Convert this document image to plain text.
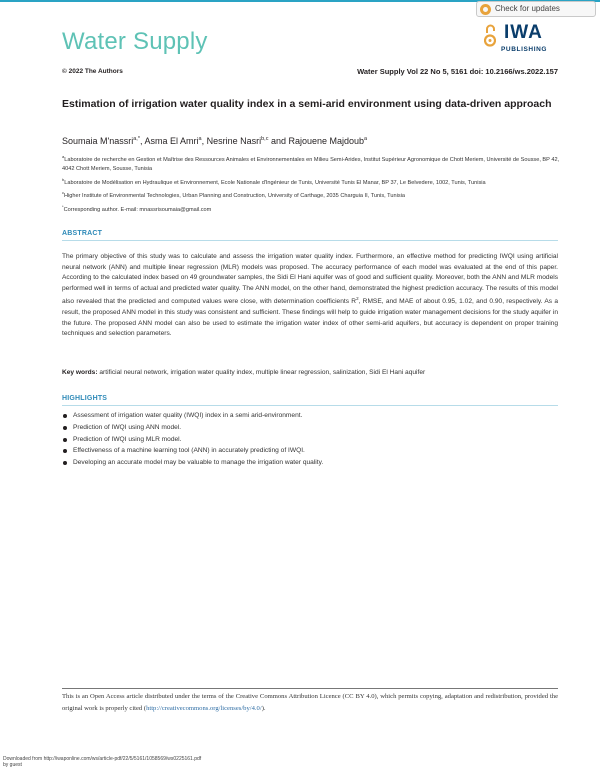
Check for updates
Water Supply	IWA
PUBLISHING
© 2022 The Authors	Water Supply Vol 22 No 5, 5161 doi: 10.2166/ws.2022.157
Estimation of irrigation water quality index in a semi-arid environment using data-driven approach
Soumaia M'nassri$^{a,*}$, Asma El Amri$^a$, Nesrine Nasri$^{b,c}$ and Rajouene Majdoub$^a$

$^a$Laboratoire de recherche en Gestion et Maîtrise des Ressources Animales et Environnementales en Milieu Semi-Arides, Institut Supérieur Agronomique de Chott Meriem, Université de Sousse, BP 42, 4042 Chott Meriem, Sousse, Tunisia

$^b$Laboratoire de Modélisation en Hydraulique et Environnement, Ecole Nationale d'Ingénieur de Tunis, Université Tunis El Manar, BP 37, Le Belvedere, 1002, Tunis, Tunisia

$^c$Higher Institute of Environmental Technologies, Urban Planning and Construction, University of Carthage, 2035 Charguia II, Tunis, Tunisia

*Corresponding author. E-mail: mnassrisoumaia@gmail.com

ABSTRACT

The primary objective of this study was to calculate and assess the irrigation water quality index. Furthermore, an effective method for predicting IWQI using artificial neural network (ANN) and multiple linear regression (MLR) models was proposed. The accuracy performance of each model was evaluated at the end of this paper. According to the calculated index based on 49 groundwater samples, the Sidi El Hani aquifer was of good and sufficient quality. Moreover, both the ANN and MLR models performed well in terms of actual and predicted water quality. The ANN model, on the other hand, demonstrated the highest prediction accuracy. The results of this model also revealed that the predicted and computed values were close, with determination coefficients $R^2$, RMSE, and MAE of about 0.95, 1.02, and 0.90, respectively. As a result, the proposed ANN model in this study was consistent and sufficient. These findings will help to guide irrigation water management decisions for the study aquifer in the future. The proposed ANN model can also be used to estimate the irrigation water index of other semi-arid aquifers, but accuracy is dependent on proper training techniques and selection parameters.

Key words: artificial neural network, irrigation water quality index, multiple linear regression, salinization, Sidi El Hani aquifer

HIGHLIGHTS
Assessment of irrigation water quality (IWQI) index in a semi arid-environment.
Prediction of IWQI using ANN model.
Prediction of IWQI using MLR model.
Effectiveness of a machine learning tool (ANN) in accurately predicting of IWQI.
Developing an accurate model may be valuable to manage the irrigation water quality.

This is an Open Access article distributed under the terms of the Creative Commons Attribution Licence (CC BY 4.0), which permits copying, adaptation and redistribution, provided the original work is properly cited (http://creativecommons.org/licenses/by/4.0/).

Downloaded from http://iwaponline.com/ws/article-pdf/22/5/5161/1058569/ws0225161.pdf
by guest
